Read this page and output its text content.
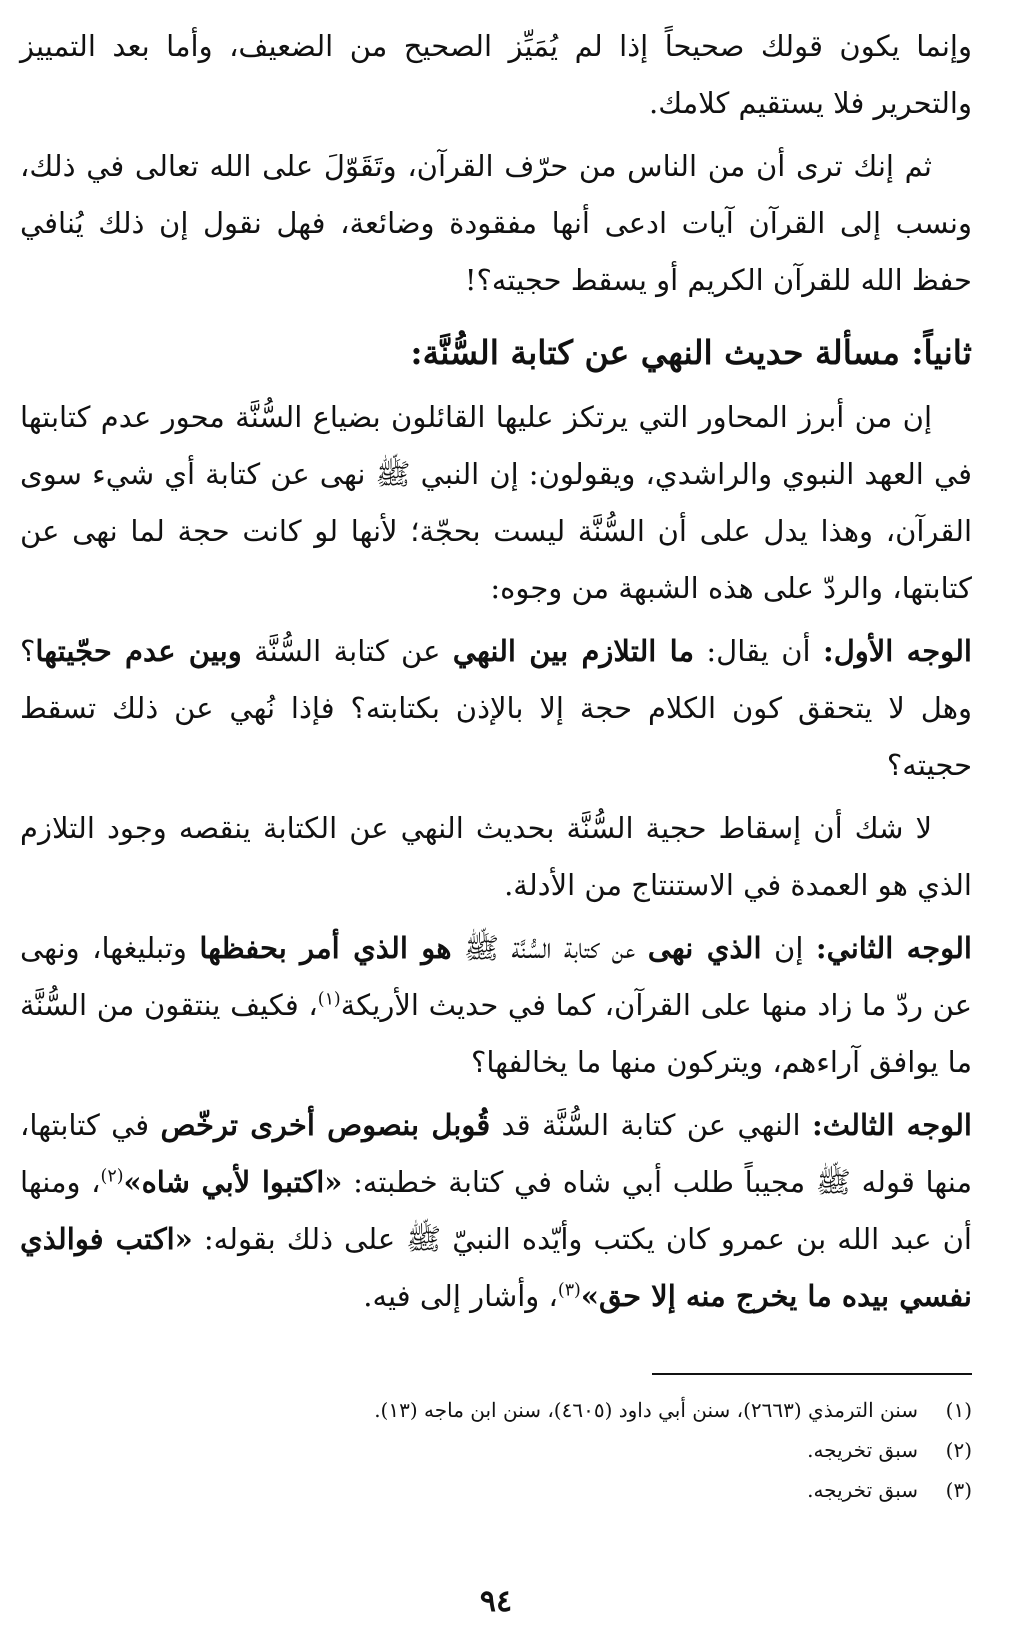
وإنما يكون قولك صحيحاً إذا لم يُمَيِّز الصحيح من الضعيف، وأما بعد التمييز والتحرير فلا يستقيم كلامك.

ثم إنك ترى أن من الناس من حرّف القرآن، وتَقَوّلَ على الله تعالى في ذلك، ونسب إلى القرآن آيات ادعى أنها مفقودة وضائعة، فهل نقول إن ذلك يُنافي حفظ الله للقرآن الكريم أو يسقط حجيته؟!

ثانياً: مسألة حديث النهي عن كتابة السُّنَّة:

إن من أبرز المحاور التي يرتكز عليها القائلون بضياع السُّنَّة محور عدم كتابتها في العهد النبوي والراشدي، ويقولون: إن النبي ﷺ نهى عن كتابة أي شيء سوى القرآن، وهذا يدل على أن السُّنَّة ليست بحجّة؛ لأنها لو كانت حجة لما نهى عن كتابتها، والردّ على هذه الشبهة من وجوه:

الوجه الأول: أن يقال: ما التلازم بين النهي عن كتابة السُّنَّة وبين عدم حجّيتها؟ وهل لا يتحقق كون الكلام حجة إلا بالإذن بكتابته؟ فإذا نُهي عن ذلك تسقط حجيته؟

لا شك أن إسقاط حجية السُّنَّة بحديث النهي عن الكتابة ينقصه وجود التلازم الذي هو العمدة في الاستنتاج من الأدلة.

الوجه الثاني: إن الذي نهى عن كتابة السُّنَّة ﷺ هو الذي أمر بحفظها وتبليغها، ونهى عن ردّ ما زاد منها على القرآن، كما في حديث الأريكة$^{(١)}$، فكيف ينتقون من السُّنَّة ما يوافق آراءهم، ويتركون منها ما يخالفها؟

الوجه الثالث: النهي عن كتابة السُّنَّة قد قُوبل بنصوص أخرى ترخّص في كتابتها، منها قوله ﷺ مجيباً طلب أبي شاه في كتابة خطبته: «اكتبوا لأبي شاه»$^{(٢)}$، ومنها أن عبد الله بن عمرو كان يكتب وأيّده النبيّ ﷺ على ذلك بقوله: «اكتب فوالذي نفسي بيده ما يخرج منه إلا حق»$^{(٣)}$، وأشار إلى فيه.

(١)
سنن الترمذي (٢٦٦٣)، سنن أبي داود (٤٦٠٥)، سنن ابن ماجه (١٣).
(٢)
سبق تخريجه.
(٣)
سبق تخريجه.
٩٤
